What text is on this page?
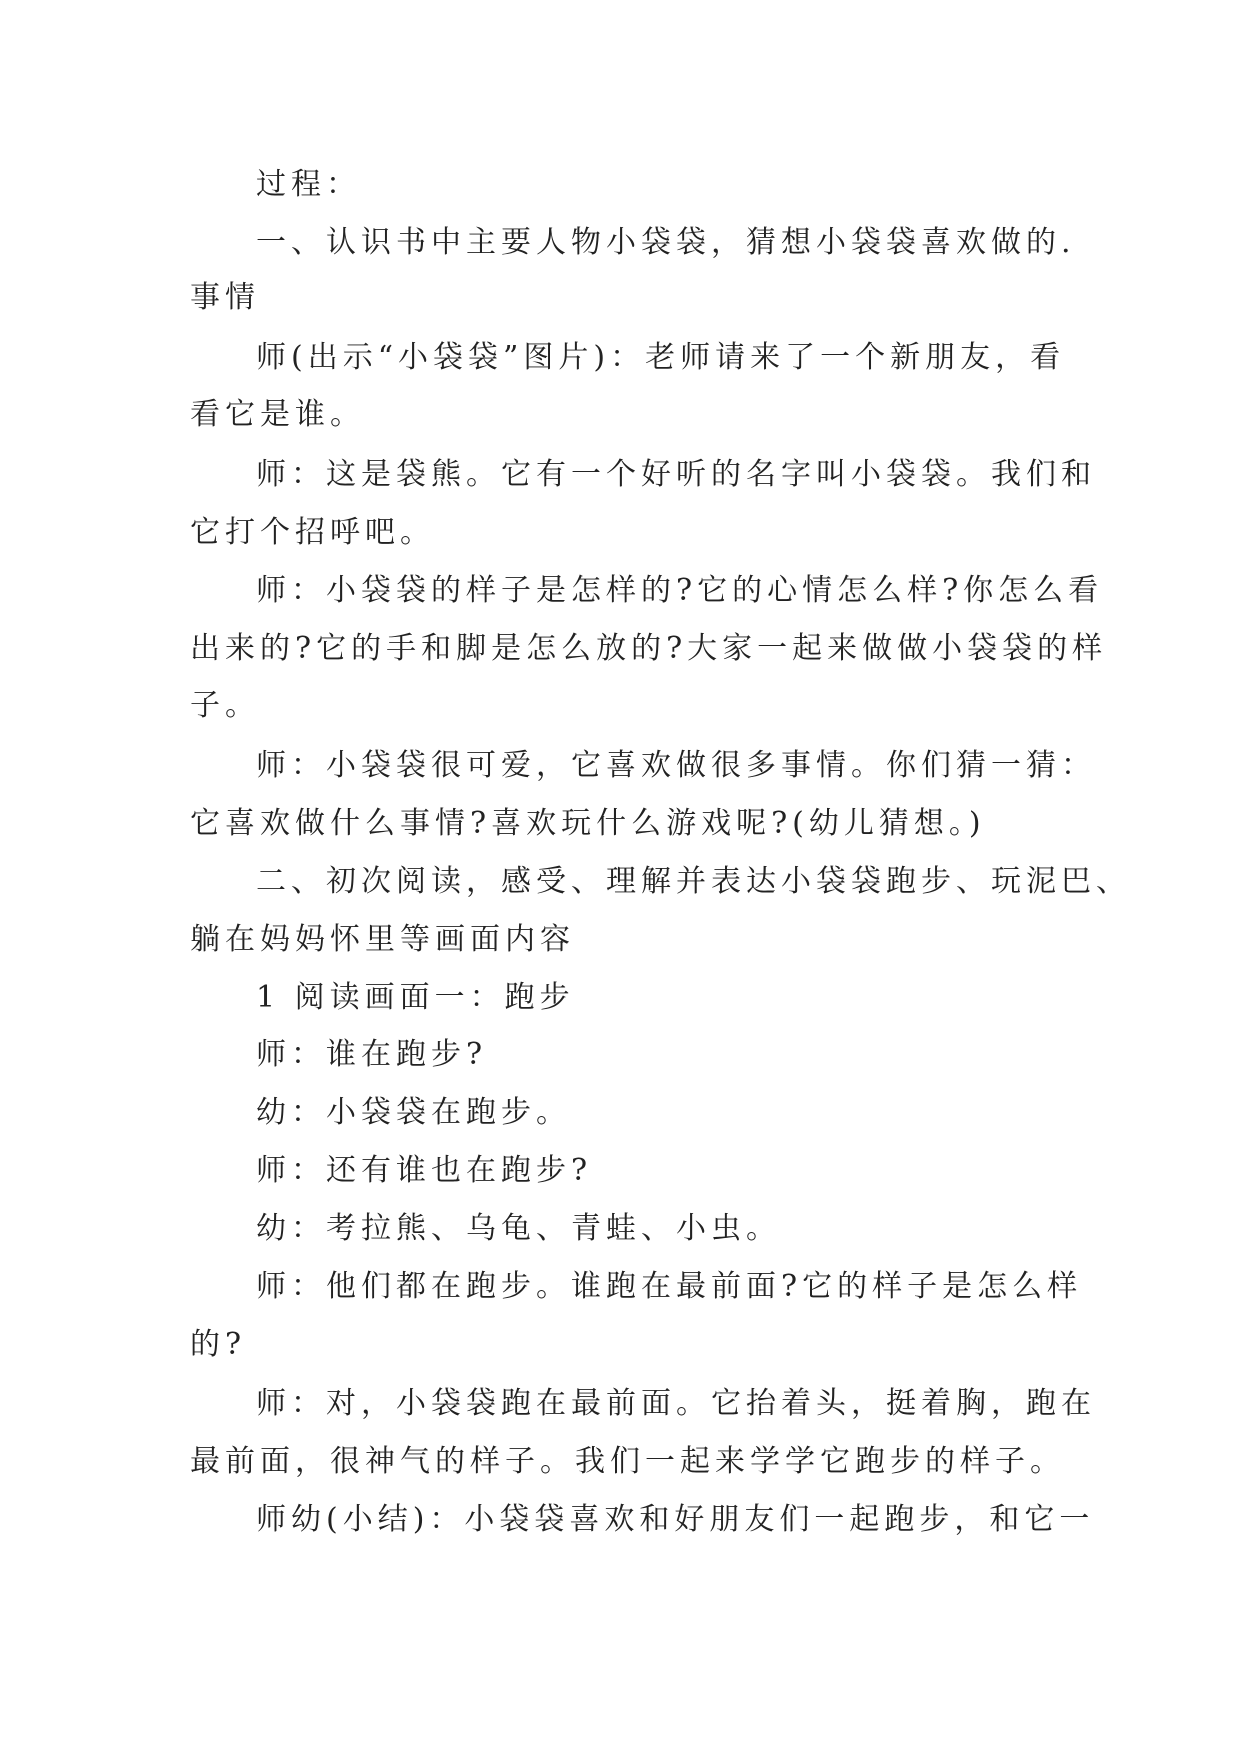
过程：
一、认识书中主要人物小袋袋，猜想小袋袋喜欢做的.
事情
师(出示“小袋袋”图片)：老师请来了一个新朋友，看
看它是谁。
师：这是袋熊。它有一个好听的名字叫小袋袋。我们和
它打个招呼吧。
师：小袋袋的样子是怎样的?它的心情怎么样?你怎么看
出来的?它的手和脚是怎么放的?大家一起来做做小袋袋的样
子。
师：小袋袋很可爱，它喜欢做很多事情。你们猜一猜：
它喜欢做什么事情?喜欢玩什么游戏呢?(幼儿猜想。)
二、初次阅读，感受、理解并表达小袋袋跑步、玩泥巴、
躺在妈妈怀里等画面内容
1 阅读画面一：跑步
师：谁在跑步?
幼：小袋袋在跑步。
师：还有谁也在跑步?
幼：考拉熊、乌龟、青蛙、小虫。
师：他们都在跑步。谁跑在最前面?它的样子是怎么样
的?
师：对，小袋袋跑在最前面。它抬着头，挺着胸，跑在
最前面，很神气的样子。我们一起来学学它跑步的样子。
师幼(小结)：小袋袋喜欢和好朋友们一起跑步，和它一
